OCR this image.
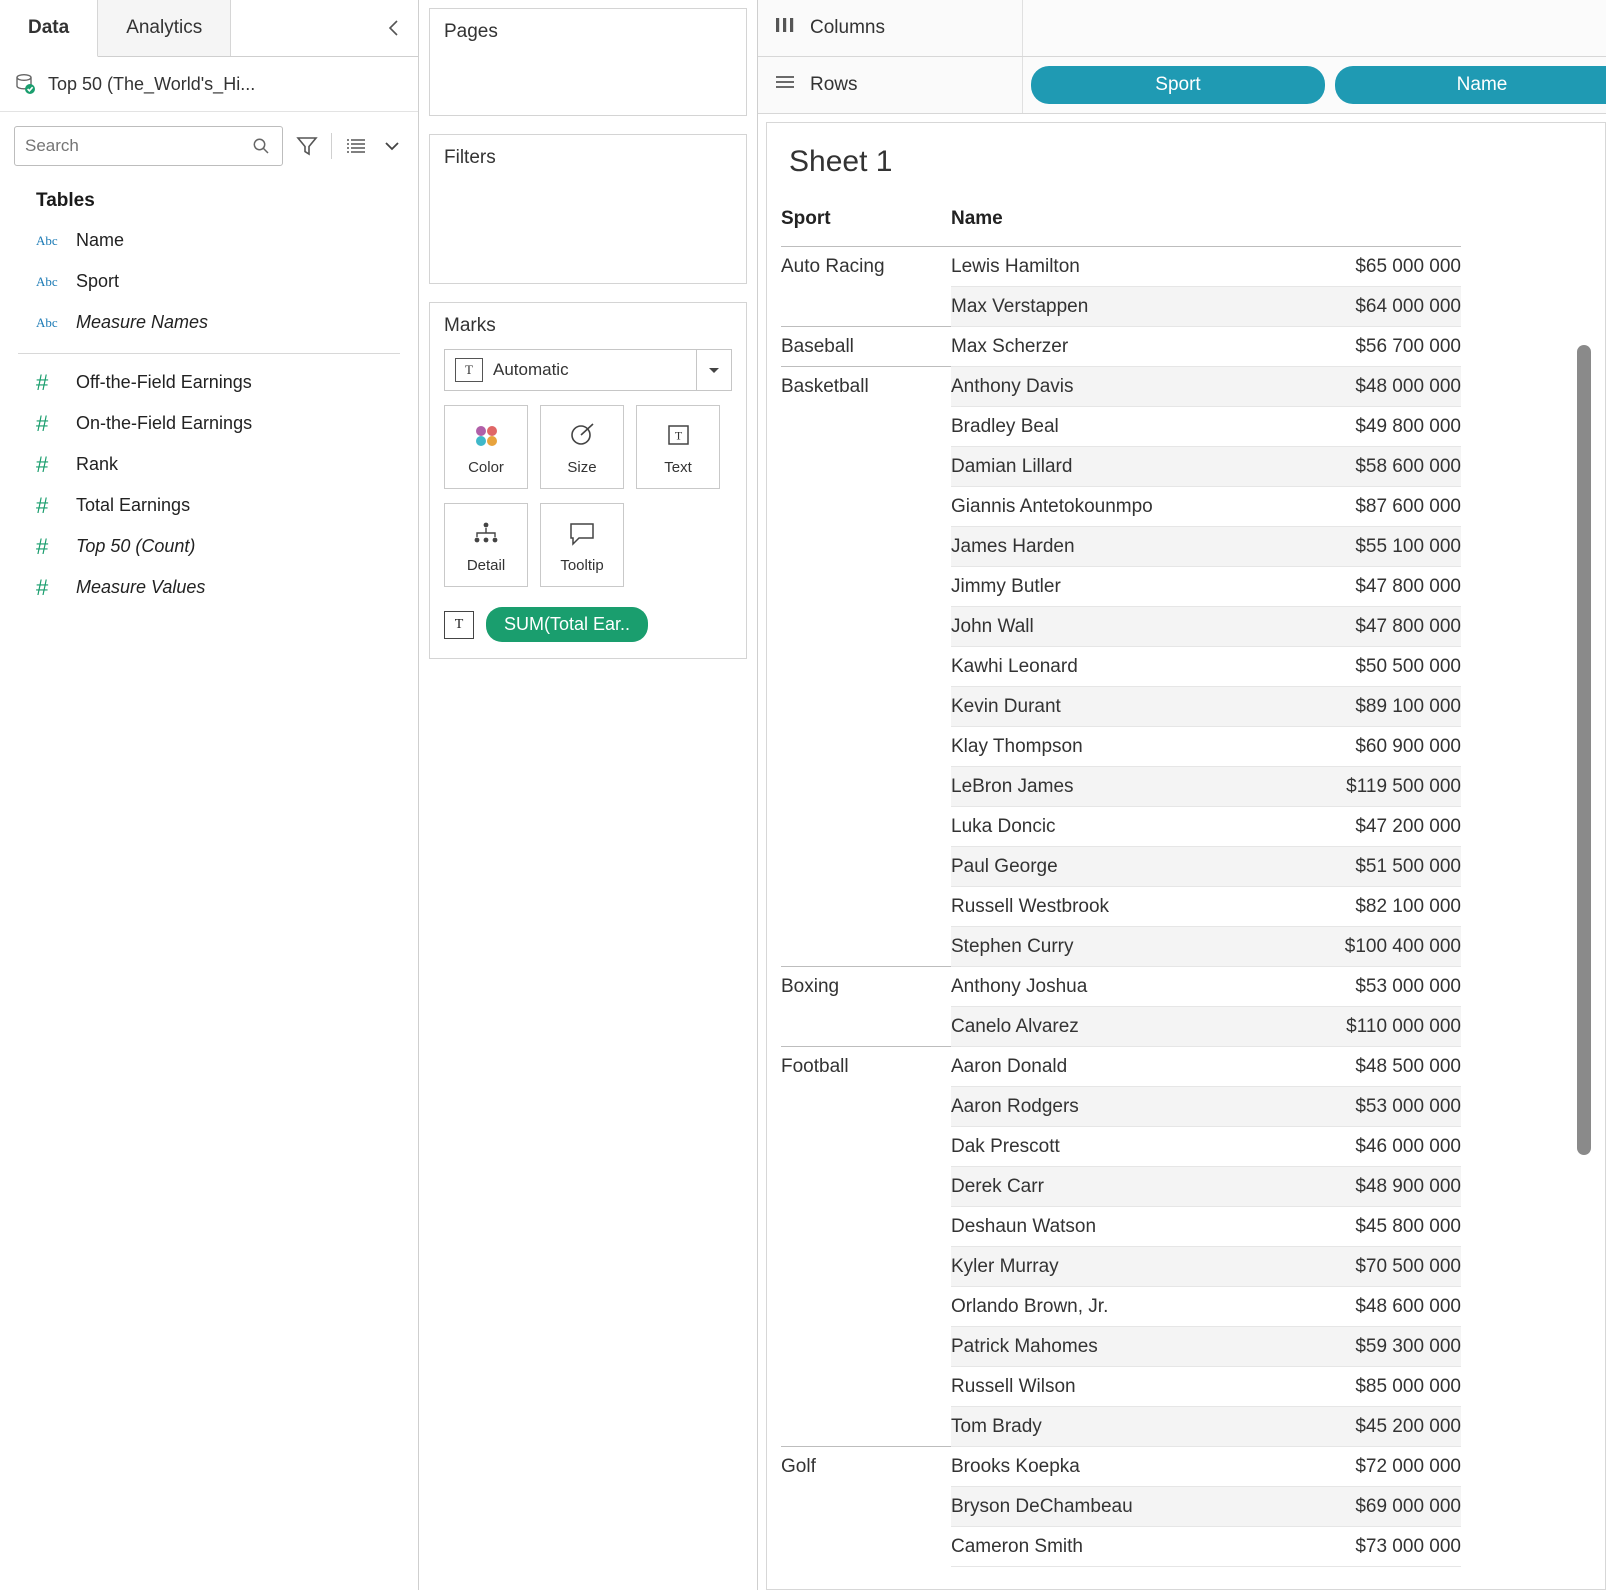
Data	Analytics
Top 50 (The_World's_Hi...
Search
Tables
Abc Name
Abc Sport
Abc Measure Names
#	Off-the-Field Earnings
#	On-the-Field Earnings
#	Rank
#	Total Earnings
#	Top 50 (Count)
#	Measure Values
Pages
Filters
Marks
T	Automatic
Color	Size
T
Text
Detail	Tooltip
T	SUM(Total Ear..
Columns
Rows	Sport	Name
Sheet 1
Sport	Name	
Auto Racing	Lewis Hamilton	$65 000 000
	Max Verstappen	$64 000 000
Baseball	Max Scherzer	$56 700 000
Basketball	Anthony Davis	$48 000 000
	Bradley Beal	$49 800 000
	Damian Lillard	$58 600 000
	Giannis Antetokounmpo	$87 600 000
	James Harden	$55 100 000
	Jimmy Butler	$47 800 000
	John Wall	$47 800 000
	Kawhi Leonard	$50 500 000
	Kevin Durant	$89 100 000
	Klay Thompson	$60 900 000
	LeBron James	$119 500 000
	Luka Doncic	$47 200 000
	Paul George	$51 500 000
	Russell Westbrook	$82 100 000
	Stephen Curry	$100 400 000
Boxing	Anthony Joshua	$53 000 000
	Canelo Alvarez	$110 000 000
Football	Aaron Donald	$48 500 000
	Aaron Rodgers	$53 000 000
	Dak Prescott	$46 000 000
	Derek Carr	$48 900 000
	Deshaun Watson	$45 800 000
	Kyler Murray	$70 500 000
	Orlando Brown, Jr.	$48 600 000
	Patrick Mahomes	$59 300 000
	Russell Wilson	$85 000 000
	Tom Brady	$45 200 000
Golf	Brooks Koepka	$72 000 000
	Bryson DeChambeau	$69 000 000
	Cameron Smith	$73 000 000
